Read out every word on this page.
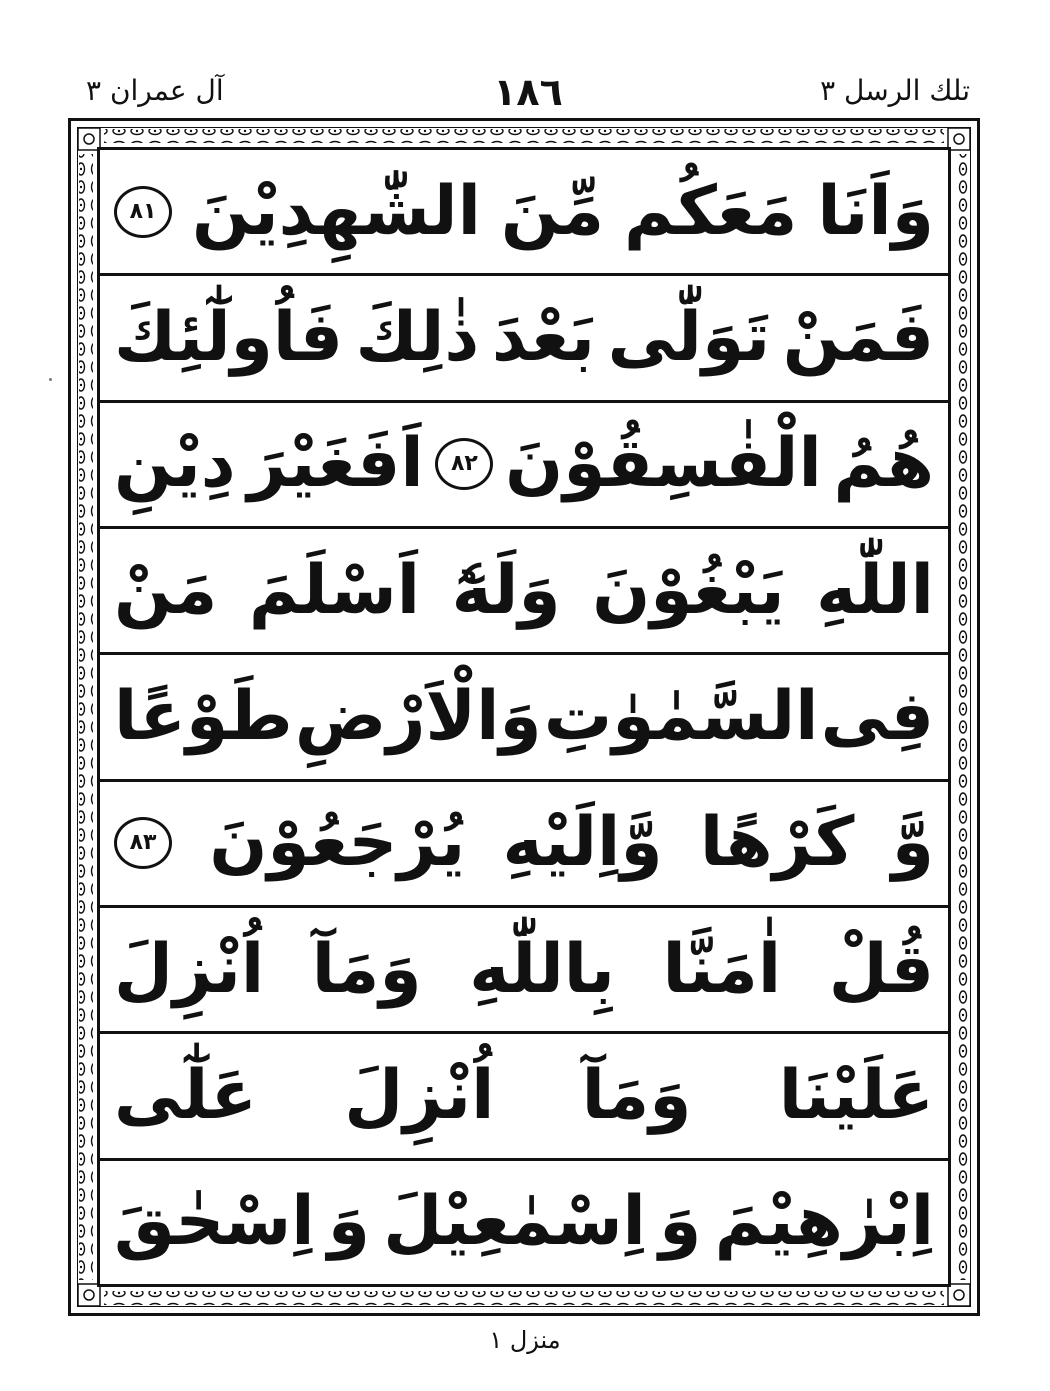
تلك الرسل ٣
١٨٦
آل عمران ٣
وَاَنَا
مَعَكُم
مِّنَ
الشّٰهِدِيْنَ
٨١
فَمَنْ
تَوَلّٰى
بَعْدَ
ذٰلِكَ
فَاُولٰٓئِكَ
هُمُ
الْفٰسِقُوْنَ
٨٢
اَفَغَيْرَ
دِيْنِ
اللّٰهِ
يَبْغُوْنَ
وَلَهٗٓ
اَسْلَمَ
مَنْ
فِى
السَّمٰوٰتِ
وَالْاَرْضِ
طَوْعًا
وَّ
كَرْهًا
وَّاِلَيْهِ
يُرْجَعُوْنَ
٨٣
قُلْ
اٰمَنَّا
بِاللّٰهِ
وَمَآ
اُنْزِلَ
عَلَيْنَا
وَمَآ
اُنْزِلَ
عَلٰٓى
اِبْرٰهِيْمَ
وَ
اِسْمٰعِيْلَ
وَ
اِسْحٰقَ
منزل ١
